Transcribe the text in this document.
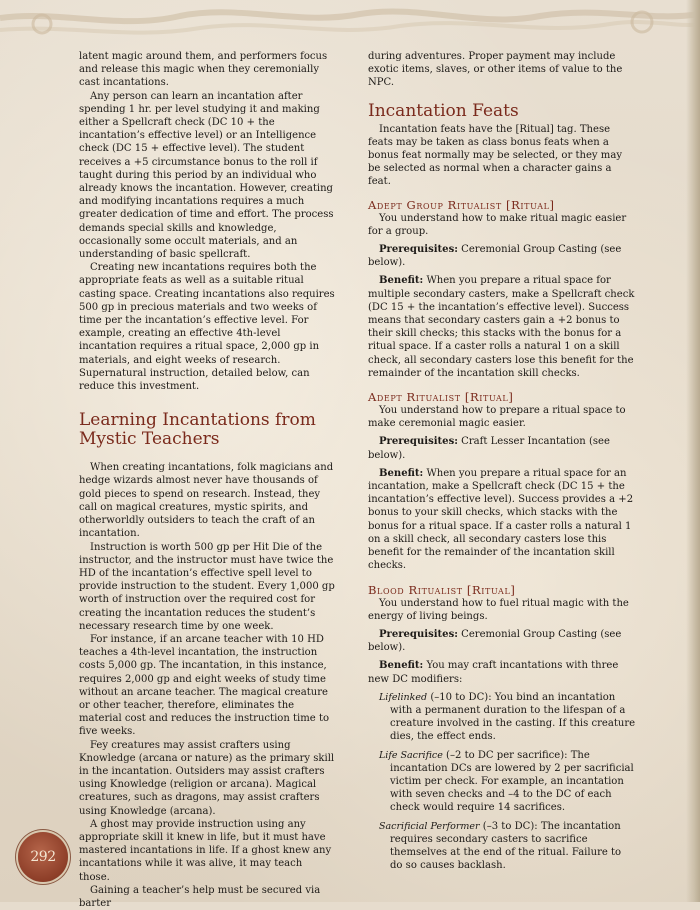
292

latent magic around them, and performers focus and release this magic when they ceremonially cast incantations.

Any person can learn an incantation after spending 1 hr. per level studying it and making either a Spellcraft check (DC 10 + the incantation’s effective level) or an Intelligence check (DC 15 + effective level). The student receives a +5 circumstance bonus to the roll if taught during this period by an individual who already knows the incantation. However, creating and modifying incantations requires a much greater dedication of time and effort. The process demands special skills and knowledge, occasionally some occult materials, and an understanding of basic spellcraft.

Creating new incantations requires both the appropriate feats as well as a suitable ritual casting space. Creating incantations also requires 500 gp in precious materials and two weeks of time per the incantation’s effective level. For example, creating an effective 4th-level incantation requires a ritual space, 2,000 gp in materials, and eight weeks of research. Supernatural instruction, detailed below, can reduce this investment.

Learning Incantations from Mystic Teachers

When creating incantations, folk magicians and hedge wizards almost never have thousands of gold pieces to spend on research. Instead, they call on magical creatures, mystic spirits, and otherworldly outsiders to teach the craft of an incantation.

Instruction is worth 500 gp per Hit Die of the instructor, and the instructor must have twice the HD of the incantation’s effective spell level to provide instruction to the student. Every 1,000 gp worth of instruction over the required cost for creating the incantation reduces the student’s necessary research time by one week.

For instance, if an arcane teacher with 10 HD teaches a 4th-level incantation, the instruction costs 5,000 gp. The incantation, in this instance, requires 2,000 gp and eight weeks of study time without an arcane teacher. The magical creature or other teacher, therefore, eliminates the material cost and reduces the instruction time to five weeks.

Fey creatures may assist crafters using Knowledge (arcana or nature) as the primary skill in the incantation. Outsiders may assist crafters using Knowledge (religion or arcana). Magical creatures, such as dragons, may assist crafters using Knowledge (arcana).

A ghost may provide instruction using any appropriate skill it knew in life, but it must have mastered incantations in life. If a ghost knew any incantations while it was alive, it may teach those.

Gaining a teacher’s help must be secured via barter

during adventures. Proper payment may include exotic items, slaves, or other items of value to the NPC.

Incantation Feats

Incantation feats have the [Ritual] tag. These feats may be taken as class bonus feats when a bonus feat normally may be selected, or they may be selected as normal when a character gains a feat.

Adept Group Ritualist [Ritual]

You understand how to make ritual magic easier for a group.

Prerequisites: Ceremonial Group Casting (see below).

Benefit: When you prepare a ritual space for multiple secondary casters, make a Spellcraft check (DC 15 + the incantation’s effective level). Success means that secondary casters gain a +2 bonus to their skill checks; this stacks with the bonus for a ritual space. If a caster rolls a natural 1 on a skill check, all secondary casters lose this benefit for the remainder of the incantation skill checks.

Adept Ritualist [Ritual]

You understand how to prepare a ritual space to make ceremonial magic easier.

Prerequisites: Craft Lesser Incantation (see below).

Benefit: When you prepare a ritual space for an incantation, make a Spellcraft check (DC 15 + the incantation’s effective level). Success provides a +2 bonus to your skill checks, which stacks with the bonus for a ritual space. If a caster rolls a natural 1 on a skill check, all secondary casters lose this benefit for the remainder of the incantation skill checks.

Blood Ritualist [Ritual]

You understand how to fuel ritual magic with the energy of living beings.

Prerequisites: Ceremonial Group Casting (see below).

Benefit: You may craft incantations with three new DC modifiers:

Lifelinked (–10 to DC): You bind an incantation with a permanent duration to the lifespan of a creature involved in the casting. If this creature dies, the effect ends.

Life Sacrifice (–2 to DC per sacrifice): The incantation DCs are lowered by 2 per sacrificial victim per check. For example, an incantation with seven checks and –4 to the DC of each check would require 14 sacrifices.

Sacrificial Performer (–3 to DC): The incantation requires secondary casters to sacrifice themselves at the end of the ritual. Failure to do so causes backlash.
